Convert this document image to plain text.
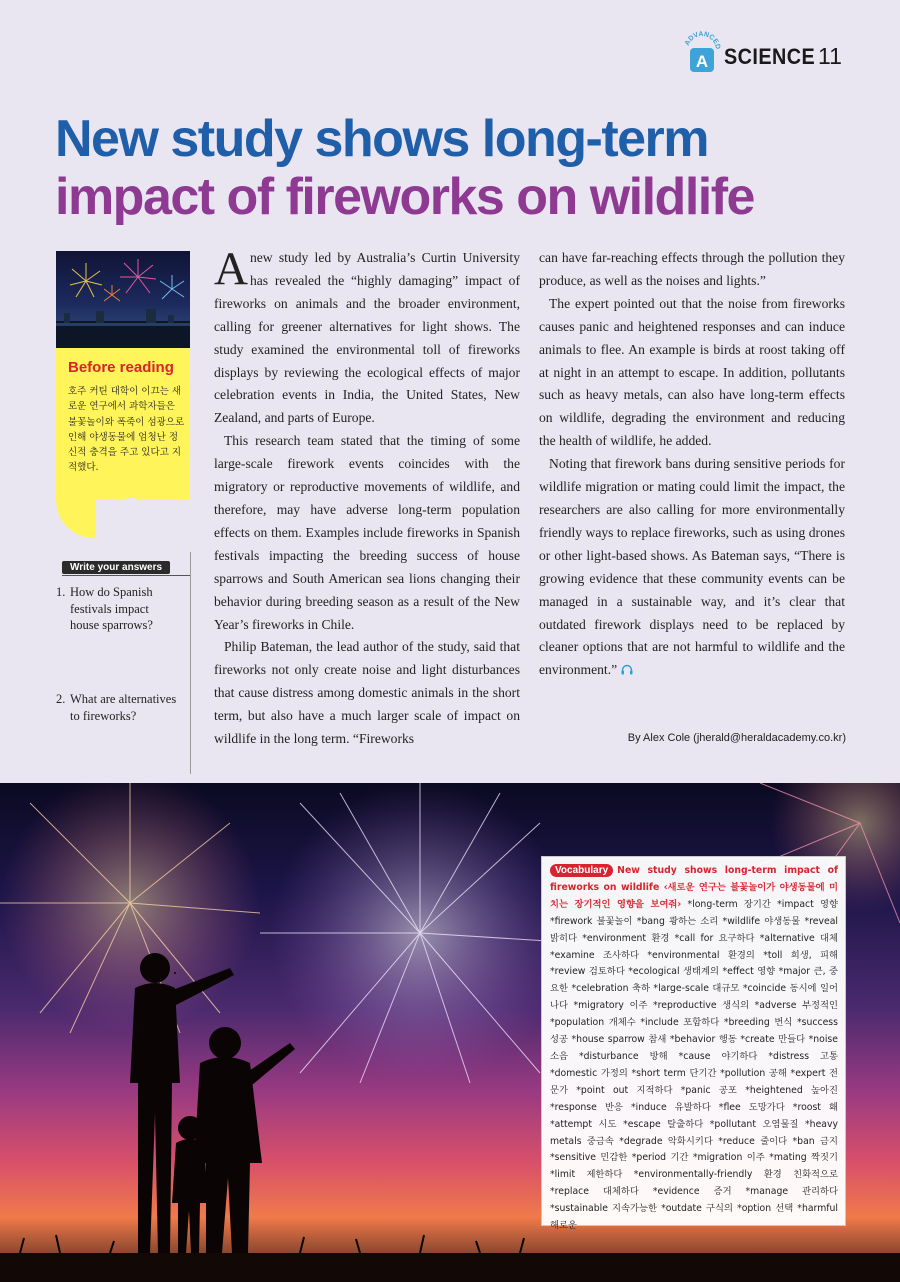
ADVANCED
A SCIENCE 11
New study shows long-term
impact of fireworks on wildlife
Before reading
호주 커틴 대학이 이끄는 새로운 연구에서 과학자들은 불꽃놀이와 폭죽이 섬광으로 인해 야생동물에 엄청난 정신적 충격을 주고 있다고 지적했다.
Write your answers
1. How do Spanish festivals impact house sparrows?
2. What are alternatives to fireworks?

Anew study led by Australia’s Curtin University has revealed the “highly damaging” impact of fireworks on animals and the broader environment, calling for greener alternatives for light shows. The study examined the environmental toll of fireworks displays by reviewing the ecological effects of major celebration events in India, the United States, New Zealand, and parts of Europe.

This research team stated that the timing of some large-scale firework events coincides with the migratory or reproductive movements of wildlife, and therefore, may have adverse long-term population effects on them. Examples include fireworks in Spanish festivals impacting the breeding success of house sparrows and South American sea lions changing their behavior during breeding season as a result of the New Year’s fireworks in Chile.

Philip Bateman, the lead author of the study, said that fireworks not only create noise and light disturbances that cause distress among domestic animals in the short term, but also have a much larger scale of impact on wildlife in the long term. “Fireworks

can have far-reaching effects through the pollution they produce, as well as the noises and lights.”

The expert pointed out that the noise from fireworks causes panic and heightened responses and can induce animals to flee. An example is birds at roost taking off at night in an attempt to escape. In addition, pollutants such as heavy metals, can also have long-term effects on wildlife, degrading the environment and reducing the health of wildlife, he added.

Noting that firework bans during sensitive periods for wildlife migration or mating could limit the impact, the researchers are also calling for more environmentally friendly ways to replace fireworks, such as using drones or other light-based shows. As Bateman says, “There is growing evidence that these community events can be managed in a sustainable way, and it’s clear that outdated firework displays need to be replaced by cleaner options that are not harmful to wildlife and the environment.”

By Alex Cole (jherald@heraldacademy.co.kr)
Vocabulary New study shows long-term impact of fireworks on wildlife ‹새로운 연구는 불꽃놀이가 야생동물에 미치는 장기적인 영향을 보여줘› *long-term 장기간 *impact 영향 *firework 불꽃놀이 *bang 쾅하는 소리 *wildlife 야생동물 *reveal 밝히다 *environment 환경 *call for 요구하다 *alternative 대체 *examine 조사하다 *environmental 환경의 *toll 희생, 피해 *review 검토하다 *ecological 생태계의 *effect 영향 *major 큰, 중요한 *celebration 축하 *large-scale 대규모 *coincide 동시에 일어나다 *migratory 이주 *reproductive 생식의 *adverse 부정적인 *population 개체수 *include 포함하다 *breeding 번식 *success 성공 *house sparrow 참새 *behavior 행동 *create 만들다 *noise 소음 *disturbance 방해 *cause 야기하다 *distress 고통 *domestic 가정의 *short term 단기간 *pollution 공해 *expert 전문가 *point out 지적하다 *panic 공포 *heightened 높아진 *response 반응 *induce 유발하다 *flee 도망가다 *roost 홰 *attempt 시도 *escape 탈출하다 *pollutant 오염물질 *heavy metals 중금속 *degrade 악화시키다 *reduce 줄이다 *ban 금지 *sensitive 민감한 *period 기간 *migration 이주 *mating 짝짓기 *limit 제한하다 *environmentally-friendly 환경 친화적으로 *replace 대체하다 *evidence 증거 *manage 관리하다 *sustainable 지속가능한 *outdate 구식의 *option 선택 *harmful 해로운
